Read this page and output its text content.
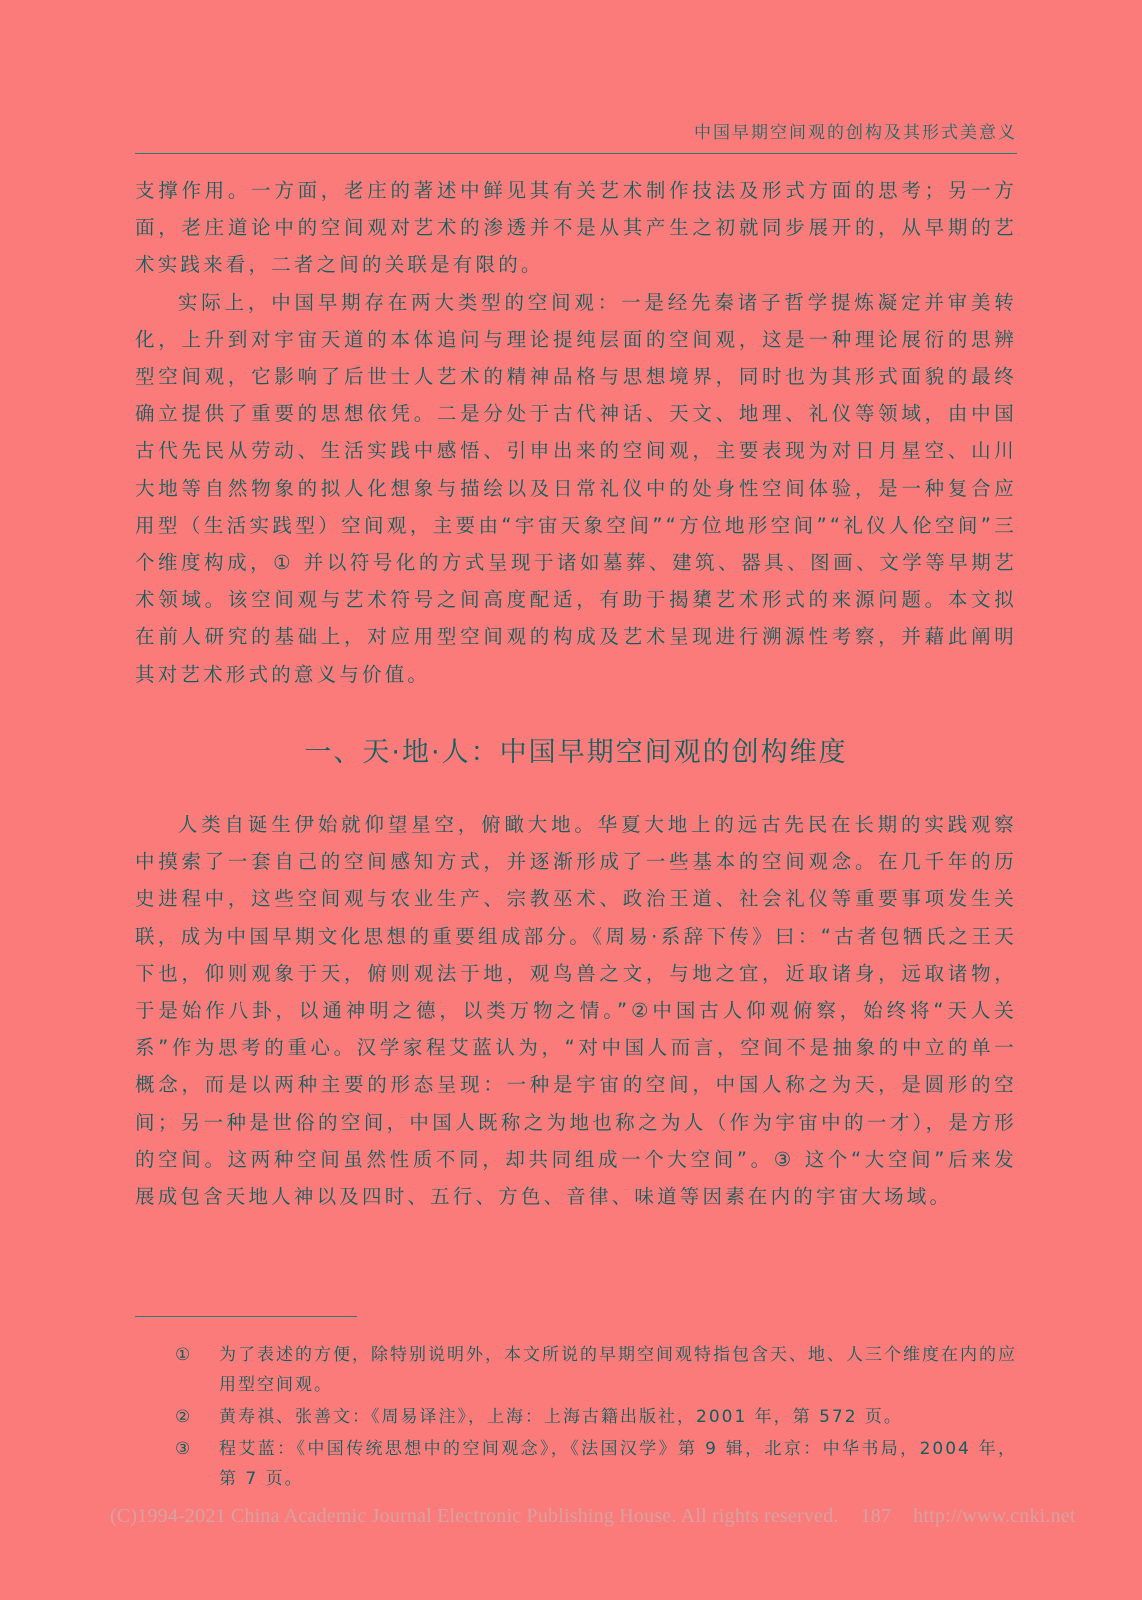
中国早期空间观的创构及其形式美意义

支撑作用。一方面，老庄的著述中鲜见其有关艺术制作技法及形式方面的思考；另一方面，老庄道论中的空间观对艺术的渗透并不是从其产生之初就同步展开的，从早期的艺术实践来看，二者之间的关联是有限的。

实际上，中国早期存在两大类型的空间观：一是经先秦诸子哲学提炼凝定并审美转化，上升到对宇宙天道的本体追问与理论提纯层面的空间观，这是一种理论展衍的思辨型空间观，它影响了后世士人艺术的精神品格与思想境界，同时也为其形式面貌的最终确立提供了重要的思想依凭。二是分处于古代神话、天文、地理、礼仪等领域，由中国古代先民从劳动、生活实践中感悟、引申出来的空间观，主要表现为对日月星空、山川大地等自然物象的拟人化想象与描绘以及日常礼仪中的处身性空间体验，是一种复合应用型（生活实践型）空间观，主要由“宇宙天象空间”“方位地形空间”“礼仪人伦空间”三个维度构成，① 并以符号化的方式呈现于诸如墓葬、建筑、器具、图画、文学等早期艺术领域。该空间观与艺术符号之间高度配适，有助于揭橥艺术形式的来源问题。本文拟在前人研究的基础上，对应用型空间观的构成及艺术呈现进行溯源性考察，并藉此阐明其对艺术形式的意义与价值。

一、天·地·人：中国早期空间观的创构维度

人类自诞生伊始就仰望星空，俯瞰大地。华夏大地上的远古先民在长期的实践观察中摸索了一套自己的空间感知方式，并逐渐形成了一些基本的空间观念。在几千年的历史进程中，这些空间观与农业生产、宗教巫术、政治王道、社会礼仪等重要事项发生关联，成为中国早期文化思想的重要组成部分。《周易·系辞下传》曰：“古者包牺氏之王天下也，仰则观象于天，俯则观法于地，观鸟兽之文，与地之宜，近取诸身，远取诸物，于是始作八卦，以通神明之德，以类万物之情。”②中国古人仰观俯察，始终将“天人关系”作为思考的重心。汉学家程艾蓝认为，“对中国人而言，空间不是抽象的中立的单一概念，而是以两种主要的形态呈现：一种是宇宙的空间，中国人称之为天，是圆形的空间；另一种是世俗的空间，中国人既称之为地也称之为人（作为宇宙中的一才），是方形的空间。这两种空间虽然性质不同，却共同组成一个大空间”。③ 这个“大空间”后来发展成包含天地人神以及四时、五行、方色、音律、味道等因素在内的宇宙大场域。

①	为了表述的方便，除特别说明外，本文所说的早期空间观特指包含天、地、人三个维度在内的应用型空间观。
②	黄寿祺、张善文：《周易译注》，上海：上海古籍出版社，2001 年，第 572 页。
③	程艾蓝：《中国传统思想中的空间观念》，《法国汉学》第 9 辑，北京：中华书局，2004 年，第 7 页。
(C)1994-2021 China Academic Journal Electronic Publishing House. All rights reserved. 187 http://www.cnki.net
